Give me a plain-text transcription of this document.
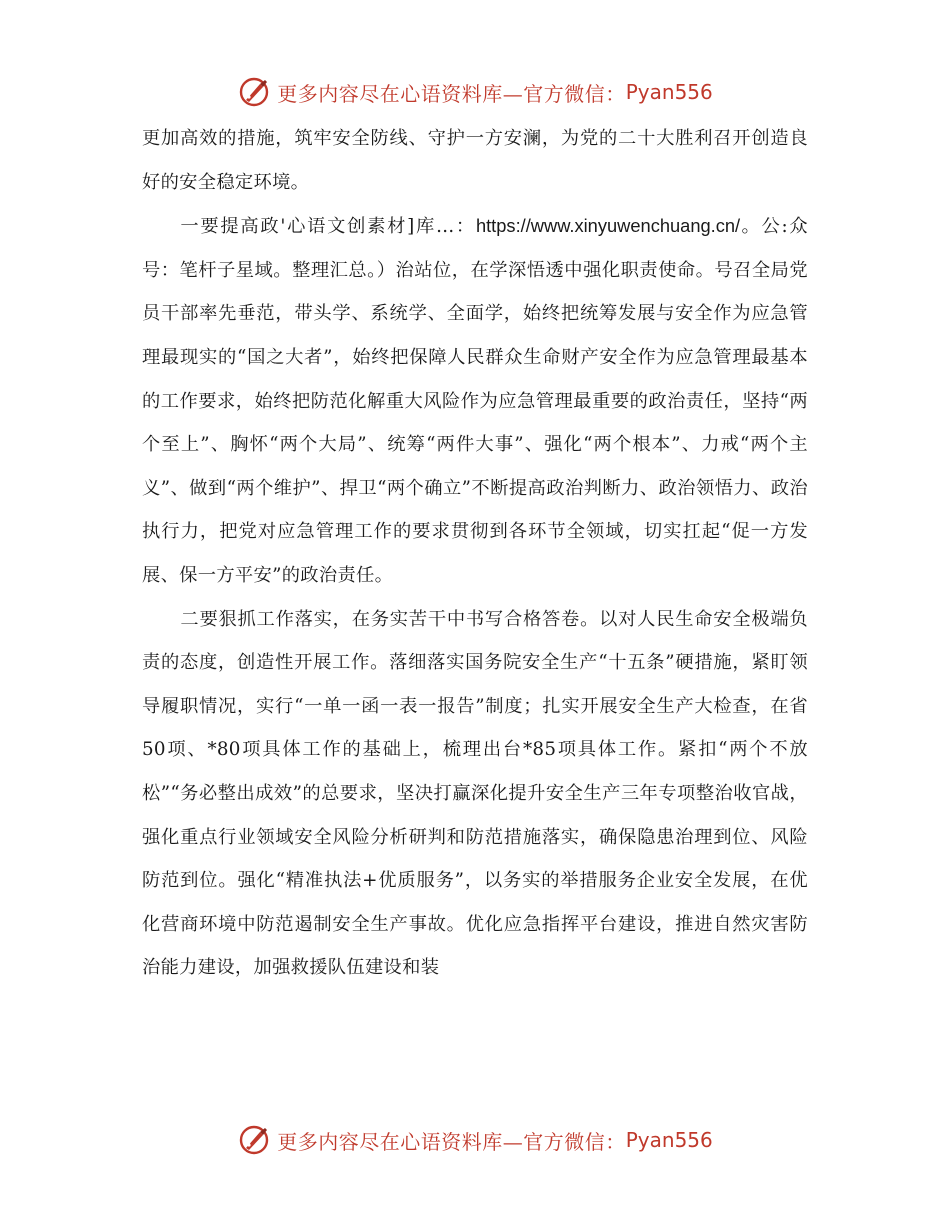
更多内容尽在心语资料库—官方微信： Pyan556

更加高效的措施，筑牢安全防线、守护一方安澜，为党的二十大胜利召开创造良好的安全稳定环境。

一要提高政'心语文创素材]库…：https://www.xinyuwenchuang.cn/。公:众号：笔杆子星域。整理汇总。）治站位，在学深悟透中强化职责使命。号召全局党员干部率先垂范，带头学、系统学、全面学，始终把统筹发展与安全作为应急管理最现实的“国之大者”，始终把保障人民群众生命财产安全作为应急管理最基本的工作要求，始终把防范化解重大风险作为应急管理最重要的政治责任，坚持“两个至上”、胸怀“两个大局”、统筹“两件大事”、强化“两个根本”、力戒“两个主义”、做到“两个维护”、捍卫“两个确立”不断提高政治判断力、政治领悟力、政治执行力，把党对应急管理工作的要求贯彻到各环节全领域，切实扛起“促一方发展、保一方平安”的政治责任。

二要狠抓工作落实，在务实苦干中书写合格答卷。以对人民生命安全极端负责的态度，创造性开展工作。落细落实国务院安全生产“十五条”硬措施，紧盯领导履职情况，实行“一单一函一表一报告”制度；扎实开展安全生产大检查，在省50项、*80项具体工作的基础上，梳理出台*85项具体工作。紧扣“两个不放松”“务必整出成效”的总要求，坚决打赢深化提升安全生产三年专项整治收官战，强化重点行业领域安全风险分析研判和防范措施落实，确保隐患治理到位、风险防范到位。强化“精准执法+优质服务”，以务实的举措服务企业安全发展，在优化营商环境中防范遏制安全生产事故。优化应急指挥平台建设，推进自然灾害防治能力建设，加强救援队伍建设和装

更多内容尽在心语资料库—官方微信： Pyan556
